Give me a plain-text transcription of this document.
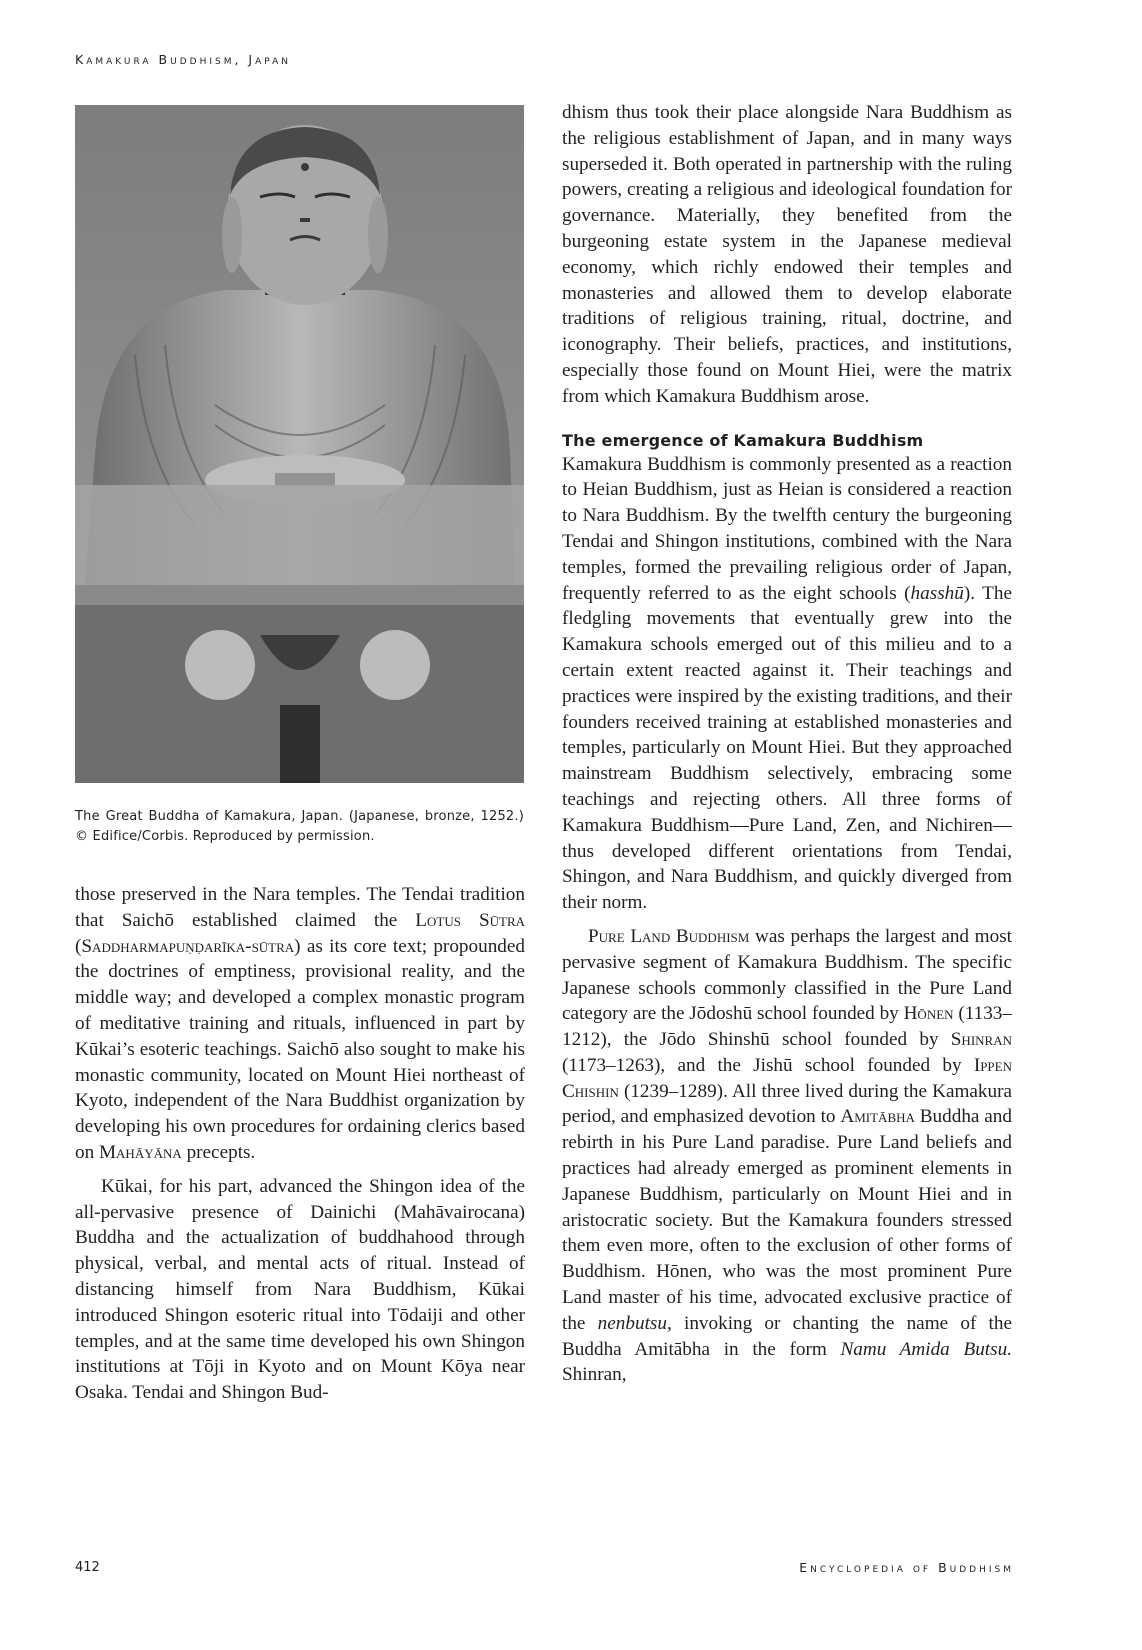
Kamakura Buddhism, Japan
The Great Buddha of Kamakura, Japan. (Japanese, bronze, 1252.) © Edifice/Corbis. Reproduced by permission.

those preserved in the Nara temples. The Tendai tradition that Saichō established claimed the Lotus Sūtra (Saddharmapuṇḍarīka-sūtra) as its core text; propounded the doctrines of emptiness, provisional reality, and the middle way; and developed a complex monastic program of meditative training and rituals, influenced in part by Kūkai’s esoteric teachings. Saichō also sought to make his monastic community, located on Mount Hiei northeast of Kyoto, independent of the Nara Buddhist organization by developing his own procedures for ordaining clerics based on Mahāyāna precepts.

Kūkai, for his part, advanced the Shingon idea of the all-pervasive presence of Dainichi (Mahāvairocana) Buddha and the actualization of buddhahood through physical, verbal, and mental acts of ritual. Instead of distancing himself from Nara Buddhism, Kūkai introduced Shingon esoteric ritual into Tōdaiji and other temples, and at the same time developed his own Shingon institutions at Tōji in Kyoto and on Mount Kōya near Osaka. Tendai and Shingon Bud-

dhism thus took their place alongside Nara Buddhism as the religious establishment of Japan, and in many ways superseded it. Both operated in partnership with the ruling powers, creating a religious and ideological foundation for governance. Materially, they benefited from the burgeoning estate system in the Japanese medieval economy, which richly endowed their temples and monasteries and allowed them to develop elaborate traditions of religious training, ritual, doctrine, and iconography. Their beliefs, practices, and institutions, especially those found on Mount Hiei, were the matrix from which Kamakura Buddhism arose.

The emergence of Kamakura Buddhism

Kamakura Buddhism is commonly presented as a reaction to Heian Buddhism, just as Heian is considered a reaction to Nara Buddhism. By the twelfth century the burgeoning Tendai and Shingon institutions, combined with the Nara temples, formed the prevailing religious order of Japan, frequently referred to as the eight schools (hasshū). The fledgling movements that eventually grew into the Kamakura schools emerged out of this milieu and to a certain extent reacted against it. Their teachings and practices were inspired by the existing traditions, and their founders received training at established monasteries and temples, particularly on Mount Hiei. But they approached mainstream Buddhism selectively, embracing some teachings and rejecting others. All three forms of Kamakura Buddhism—Pure Land, Zen, and Nichiren—thus developed different orientations from Tendai, Shingon, and Nara Buddhism, and quickly diverged from their norm.

Pure Land Buddhism was perhaps the largest and most pervasive segment of Kamakura Buddhism. The specific Japanese schools commonly classified in the Pure Land category are the Jōdoshū school founded by Hōnen (1133–1212), the Jōdo Shinshū school founded by Shinran (1173–1263), and the Jishū school founded by Ippen Chishin (1239–1289). All three lived during the Kamakura period, and emphasized devotion to Amitābha Buddha and rebirth in his Pure Land paradise. Pure Land beliefs and practices had already emerged as prominent elements in Japanese Buddhism, particularly on Mount Hiei and in aristocratic society. But the Kamakura founders stressed them even more, often to the exclusion of other forms of Buddhism. Hōnen, who was the most prominent Pure Land master of his time, advocated exclusive practice of the nenbutsu, invoking or chanting the name of the Buddha Amitābha in the form Namu Amida Butsu. Shinran,

412	Encyclopedia of Buddhism
